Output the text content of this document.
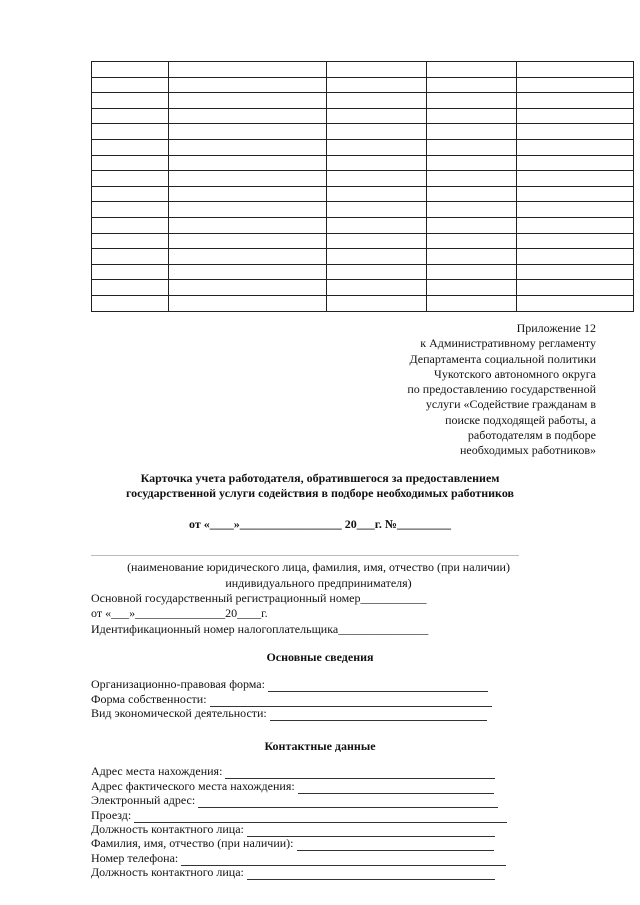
Приложение 12
к Административному регламенту
Департамента социальной политики
Чукотского автономного округа
по предоставлению государственной
услуги «Содействие гражданам в
поиске подходящей работы, а
работодателям в подборе
необходимых работников»
Карточка учета работодателя, обратившегося за предоставлением
государственной услуги содействия в подборе необходимых работников
от «____»_________________ 20___г. №_________
(наименование юридического лица, фамилия, имя, отчество (при наличии)
индивидуального предпринимателя)
Основной государственный регистрационный номер___________
от «___»_______________20____г.
Идентификационный номер налогоплательщика_______________
Основные сведения
Организационно-правовая форма:
Форма собственности:
Вид экономической деятельности:
Контактные данные
Адрес места нахождения:
Адрес фактического места нахождения:
Электронный адрес:
Проезд:
Должность контактного лица:
Фамилия, имя, отчество (при наличии):
Номер телефона:
Должность контактного лица:
